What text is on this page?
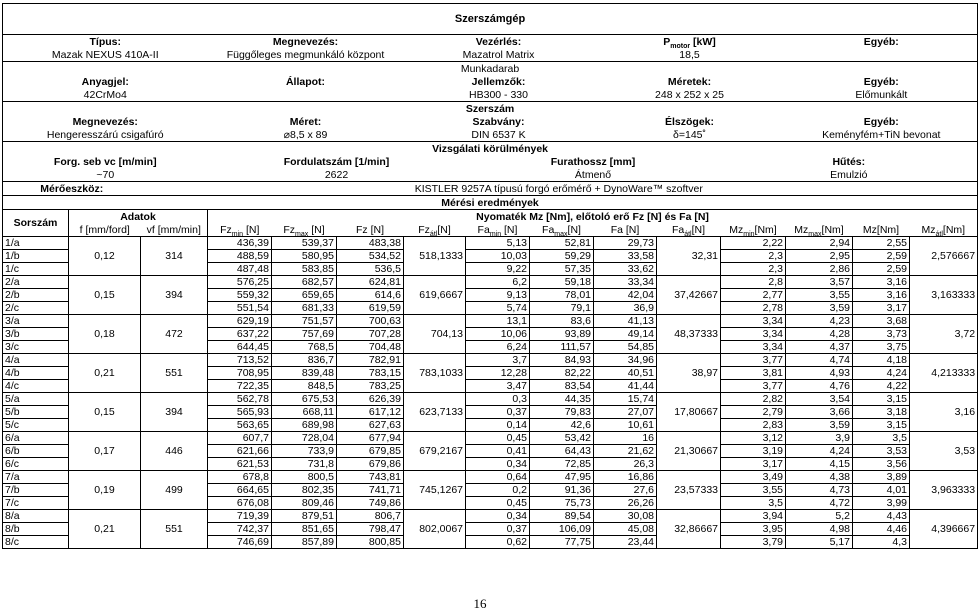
Szerszámgép														
Típus:			Megnevezés:			Vezérlés:			$P_{motor}$ [kW]			Egyéb:		
Mazak NEXUS 410A-II			Függőleges megmunkáló központ			Mazatrol Matrix			18,5					
Munkadarab														
Anyagjel:			Állapot:			Jellemzők:			Méretek:			Egyéb:		
42CrMo4						HB300 - 330			248 x 252 x 25			Előmunkált		
Szerszám														
Megnevezés:			Méret:			Szabvány:			Élszögek:			Egyéb:		
Hengeresszárú csigafúró			⌀8,5 x 89			DIN 6537 K			δ=145˚			Keményfém+TiN bevonat		
Vizsgálati körülmények														
Forg. seb vc [m/min]			Fordulatszám [1/min]				Furathossz [mm]				Hűtés:			
~70			2622				Átmenő				Emulzió			
Mérőeszköz:		KISTLER 9257A típusú forgó erőmérő + DynoWare™ szoftver												
Mérési eredmények														
Sorszám	Adatok		Nyomaték Mz [Nm], előtoló erő Fz [N] és Fa [N]											
	f [mm/ford]	vf [mm/min]	$Fz_{min}$ [N]	$Fz_{max}$ [N]	Fz [N]	$Fz_{átl}[N]$	$Fa_{min}$ [N]	$Fa_{max}[N]$	Fa [N]	$Fa_{átl}[N]$	$Mz_{min}[Nm]$	$Mz_{max}[Nm]$	Mz[Nm]	$Mz_{átl}[Nm]$
1/a	0,12	314	436,39	539,37	483,38	518,1333	5,13	52,81	29,73	32,31	2,22	2,94	2,55	2,576667
1/b			488,59	580,95	534,52		10,03	59,29	33,58		2,3	2,95	2,59	
1/c			487,48	583,85	536,5		9,22	57,35	33,62		2,3	2,86	2,59	
2/a	0,15	394	576,25	682,57	624,81	619,6667	6,2	59,18	33,34	37,42667	2,8	3,57	3,16	3,163333
2/b			559,32	659,65	614,6		9,13	78,01	42,04		2,77	3,55	3,16	
2/c			551,54	681,33	619,59		5,74	79,1	36,9		2,78	3,59	3,17	
3/a	0,18	472	629,19	751,57	700,63	704,13	13,1	83,6	41,13	48,37333	3,34	4,23	3,68	3,72
3/b			637,22	757,69	707,28		10,06	93,89	49,14		3,34	4,28	3,73	
3/c			644,45	768,5	704,48		6,24	111,57	54,85		3,34	4,37	3,75	
4/a	0,21	551	713,52	836,7	782,91	783,1033	3,7	84,93	34,96	38,97	3,77	4,74	4,18	4,213333
4/b			708,95	839,48	783,15		12,28	82,22	40,51		3,81	4,93	4,24	
4/c			722,35	848,5	783,25		3,47	83,54	41,44		3,77	4,76	4,22	
5/a	0,15	394	562,78	675,53	626,39	623,7133	0,3	44,35	15,74	17,80667	2,82	3,54	3,15	3,16
5/b			565,93	668,11	617,12		0,37	79,83	27,07		2,79	3,66	3,18	
5/c			563,65	689,98	627,63		0,14	42,6	10,61		2,83	3,59	3,15	
6/a	0,17	446	607,7	728,04	677,94	679,2167	0,45	53,42	16	21,30667	3,12	3,9	3,5	3,53
6/b			621,66	733,9	679,85		0,41	64,43	21,62		3,19	4,24	3,53	
6/c			621,53	731,8	679,86		0,34	72,85	26,3		3,17	4,15	3,56	
7/a	0,19	499	678,8	800,5	743,81	745,1267	0,64	47,95	16,86	23,57333	3,49	4,38	3,89	3,963333
7/b			664,65	802,35	741,71		0,2	91,36	27,6		3,55	4,73	4,01	
7/c			676,08	809,46	749,86		0,45	75,73	26,26		3,5	4,72	3,99	
8/a	0,21	551	719,39	879,51	806,7	802,0067	0,34	89,54	30,08	32,86667	3,94	5,2	4,43	4,396667
8/b			742,37	851,65	798,47		0,37	106,09	45,08		3,95	4,98	4,46	
8/c			746,69	857,89	800,85		0,62	77,75	23,44		3,79	5,17	4,3	
16
